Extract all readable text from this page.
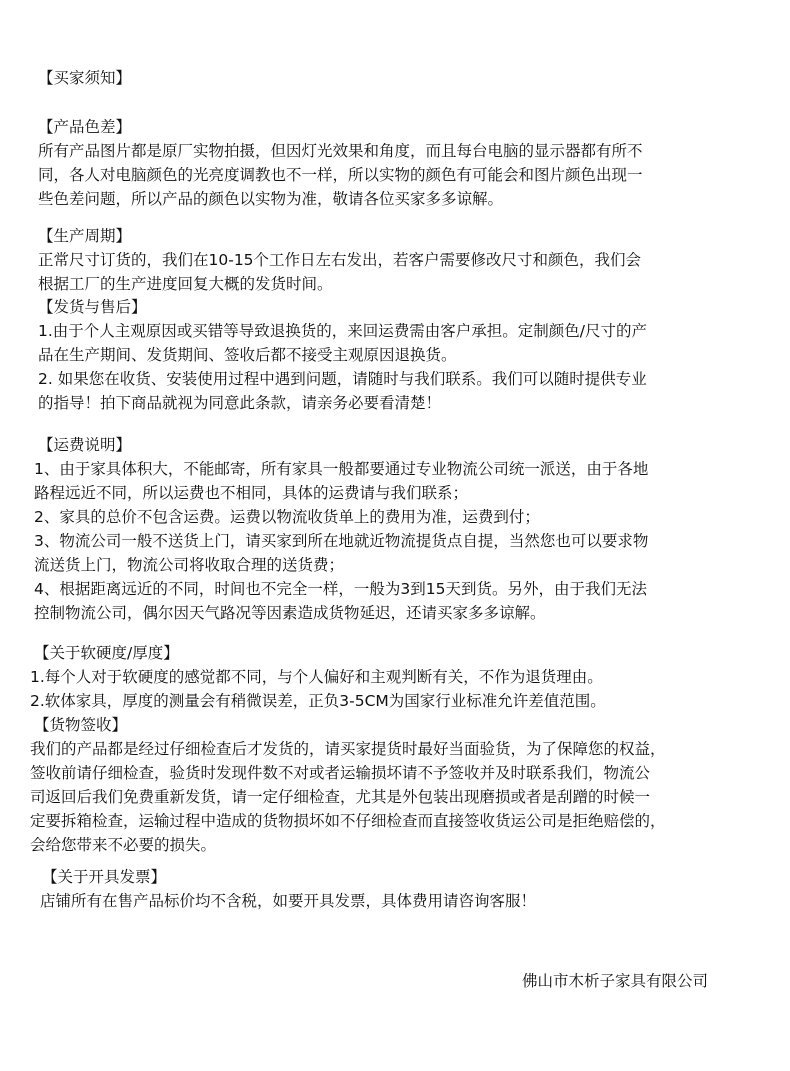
【买家须知】
【产品色差】
所有产品图片都是原厂实物拍摄，但因灯光效果和角度，而且每台电脑的显示器都有所不
同，各人对电脑颜色的光亮度调教也不一样，所以实物的颜色有可能会和图片颜色出现一
些色差问题，所以产品的颜色以实物为准，敬请各位买家多多谅解。
【生产周期】
正常尺寸订货的，我们在10-15个工作日左右发出，若客户需要修改尺寸和颜色，我们会
根据工厂的生产进度回复大概的发货时间。
【发货与售后】
1.由于个人主观原因或买错等导致退换货的，来回运费需由客户承担。定制颜色/尺寸的产
品在生产期间、发货期间、签收后都不接受主观原因退换货。
2. 如果您在收货、安装使用过程中遇到问题，请随时与我们联系。我们可以随时提供专业
的指导！拍下商品就视为同意此条款，请亲务必要看清楚！
【运费说明】
1、由于家具体积大，不能邮寄，所有家具一般都要通过专业物流公司统一派送，由于各地
路程远近不同，所以运费也不相同，具体的运费请与我们联系；
2、家具的总价不包含运费。运费以物流收货单上的费用为准，运费到付；
3、物流公司一般不送货上门，请买家到所在地就近物流提货点自提，当然您也可以要求物
流送货上门，物流公司将收取合理的送货费；
4、根据距离远近的不同，时间也不完全一样，一般为3到15天到货。另外，由于我们无法
控制物流公司，偶尔因天气路况等因素造成货物延迟，还请买家多多谅解。
【关于软硬度/厚度】
1.每个人对于软硬度的感觉都不同，与个人偏好和主观判断有关，不作为退货理由。
2.软体家具，厚度的测量会有稍微误差，正负3-5CM为国家行业标准允许差值范围。
【货物签收】
我们的产品都是经过仔细检查后才发货的，请买家提货时最好当面验货，为了保障您的权益，
签收前请仔细检查，验货时发现件数不对或者运输损坏请不予签收并及时联系我们，物流公
司返回后我们免费重新发货，请一定仔细检查，尤其是外包装出现磨损或者是刮蹭的时候一
定要拆箱检查，运输过程中造成的货物损坏如不仔细检查而直接签收货运公司是拒绝赔偿的，
会给您带来不必要的损失。
【关于开具发票】
店铺所有在售产品标价均不含税，如要开具发票，具体费用请咨询客服！
佛山市木析子家具有限公司
